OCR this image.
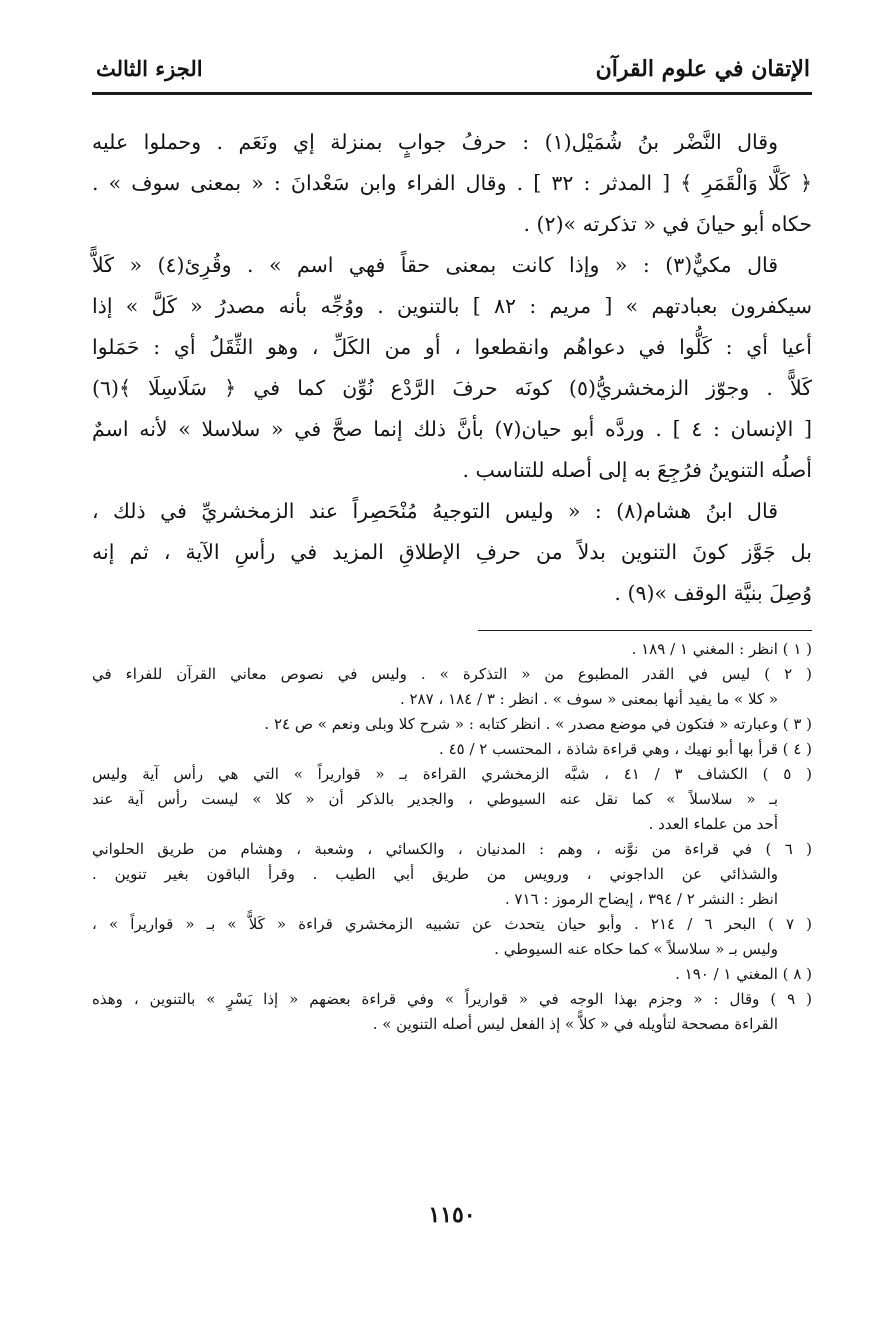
الإتقان في علوم القرآن
الجزء الثالث
وقال النَّضْر بنُ شُمَيْل(١) : حرفُ جوابٍ بمنزلة إي ونَعَم . وحملوا عليه
﴿ كَلَّا وَالْقَمَرِ ﴾ [ المدثر : ٣٢ ] . وقال الفراء وابن سَعْدانَ : « بمعنى سوف » .
حكاه أبو حيانَ في « تذكرته »(٢) .
قال مكيٌّ(٣) : « وإذا كانت بمعنى حقاً فهي اسم » . وقُرِئ(٤) « كَلاًّ
سيكفرون بعبادتهم » [ مريم : ٨٢ ] بالتنوين . ووُجِّه بأنه مصدرُ « كَلَّ » إذا
أعيا أي : كَلُّوا في دعواهُم وانقطعوا ، أو من الكَلِّ ، وهو الثِّقَلُ أي : حَمَلوا
كَلاًّ . وجوّز الزمخشريُّ(٥) كونَه حرفَ الرَّدْع نُوِّن كما في ﴿ سَلَاسِلَا ﴾(٦)
[ الإنسان : ٤ ] . وردَّه أبو حيان(٧) بأنَّ ذلك إنما صحَّ في « سلاسلا » لأنه اسمٌ
أصلُه التنوينُ فرُجِعَ به إلى أصله للتناسب .
قال ابنُ هشام(٨) : « وليس التوجيهُ مُنْحَصِراً عند الزمخشريِّ في ذلك ،
بل جَوَّز كونَ التنوين بدلاً من حرفِ الإطلاقِ المزيد في رأسِ الآية ، ثم إنه
وُصِلَ بنيَّة الوقف »(٩) .
( ١ ) انظر : المغني ١ / ١٨٩ .
( ٢ ) ليس في القدر المطبوع من « التذكرة » . وليس في نصوص معاني القرآن للفراء في
« كلا » ما يفيد أنها بمعنى « سوف » . انظر : ٣ / ١٨٤ ، ٢٨٧ .
( ٣ ) وعبارته « فتكون في موضع مصدر » . انظر كتابه : « شرح كلا وبلى ونعم » ص ٢٤ .
( ٤ ) قرأ بها أبو نهيك ، وهي قراءة شاذة ، المحتسب ٢ / ٤٥ .
( ٥ ) الكشاف ٣ / ٤١ ، شبَّه الزمخشري القراءة بـ « قواريراً » التي هي رأس آية وليس
بـ « سلاسلاً » كما نقل عنه السيوطي ، والجدير بالذكر أن « كلا » ليست رأس آية عند
أحد من علماء العدد .
( ٦ ) في قراءة من نوَّنه ، وهم : المدنيان ، والكسائي ، وشعبة ، وهشام من طريق الحلواني
والشذائي عن الداجوني ، ورويس من طريق أبي الطيب . وقرأ الباقون بغير تنوين .
انظر : النشر ٢ / ٣٩٤ ، إيضاح الرموز : ٧١٦ .
( ٧ ) البحر ٦ / ٢١٤ . وأبو حيان يتحدث عن تشبيه الزمخشري قراءة « كَلاًّ » بـ « قواريراً » ،
وليس بـ « سلاسلاً » كما حكاه عنه السيوطي .
( ٨ ) المغني ١ / ١٩٠ .
( ٩ ) وقال : « وجزم بهذا الوجه في « قواريراً » وفي قراءة بعضهم « إذا يَسْرٍ » بالتنوين ، وهذه
القراءة مصححة لتأويله في « كلاًّ » إذ الفعل ليس أصله التنوين » .
١١٥٠
